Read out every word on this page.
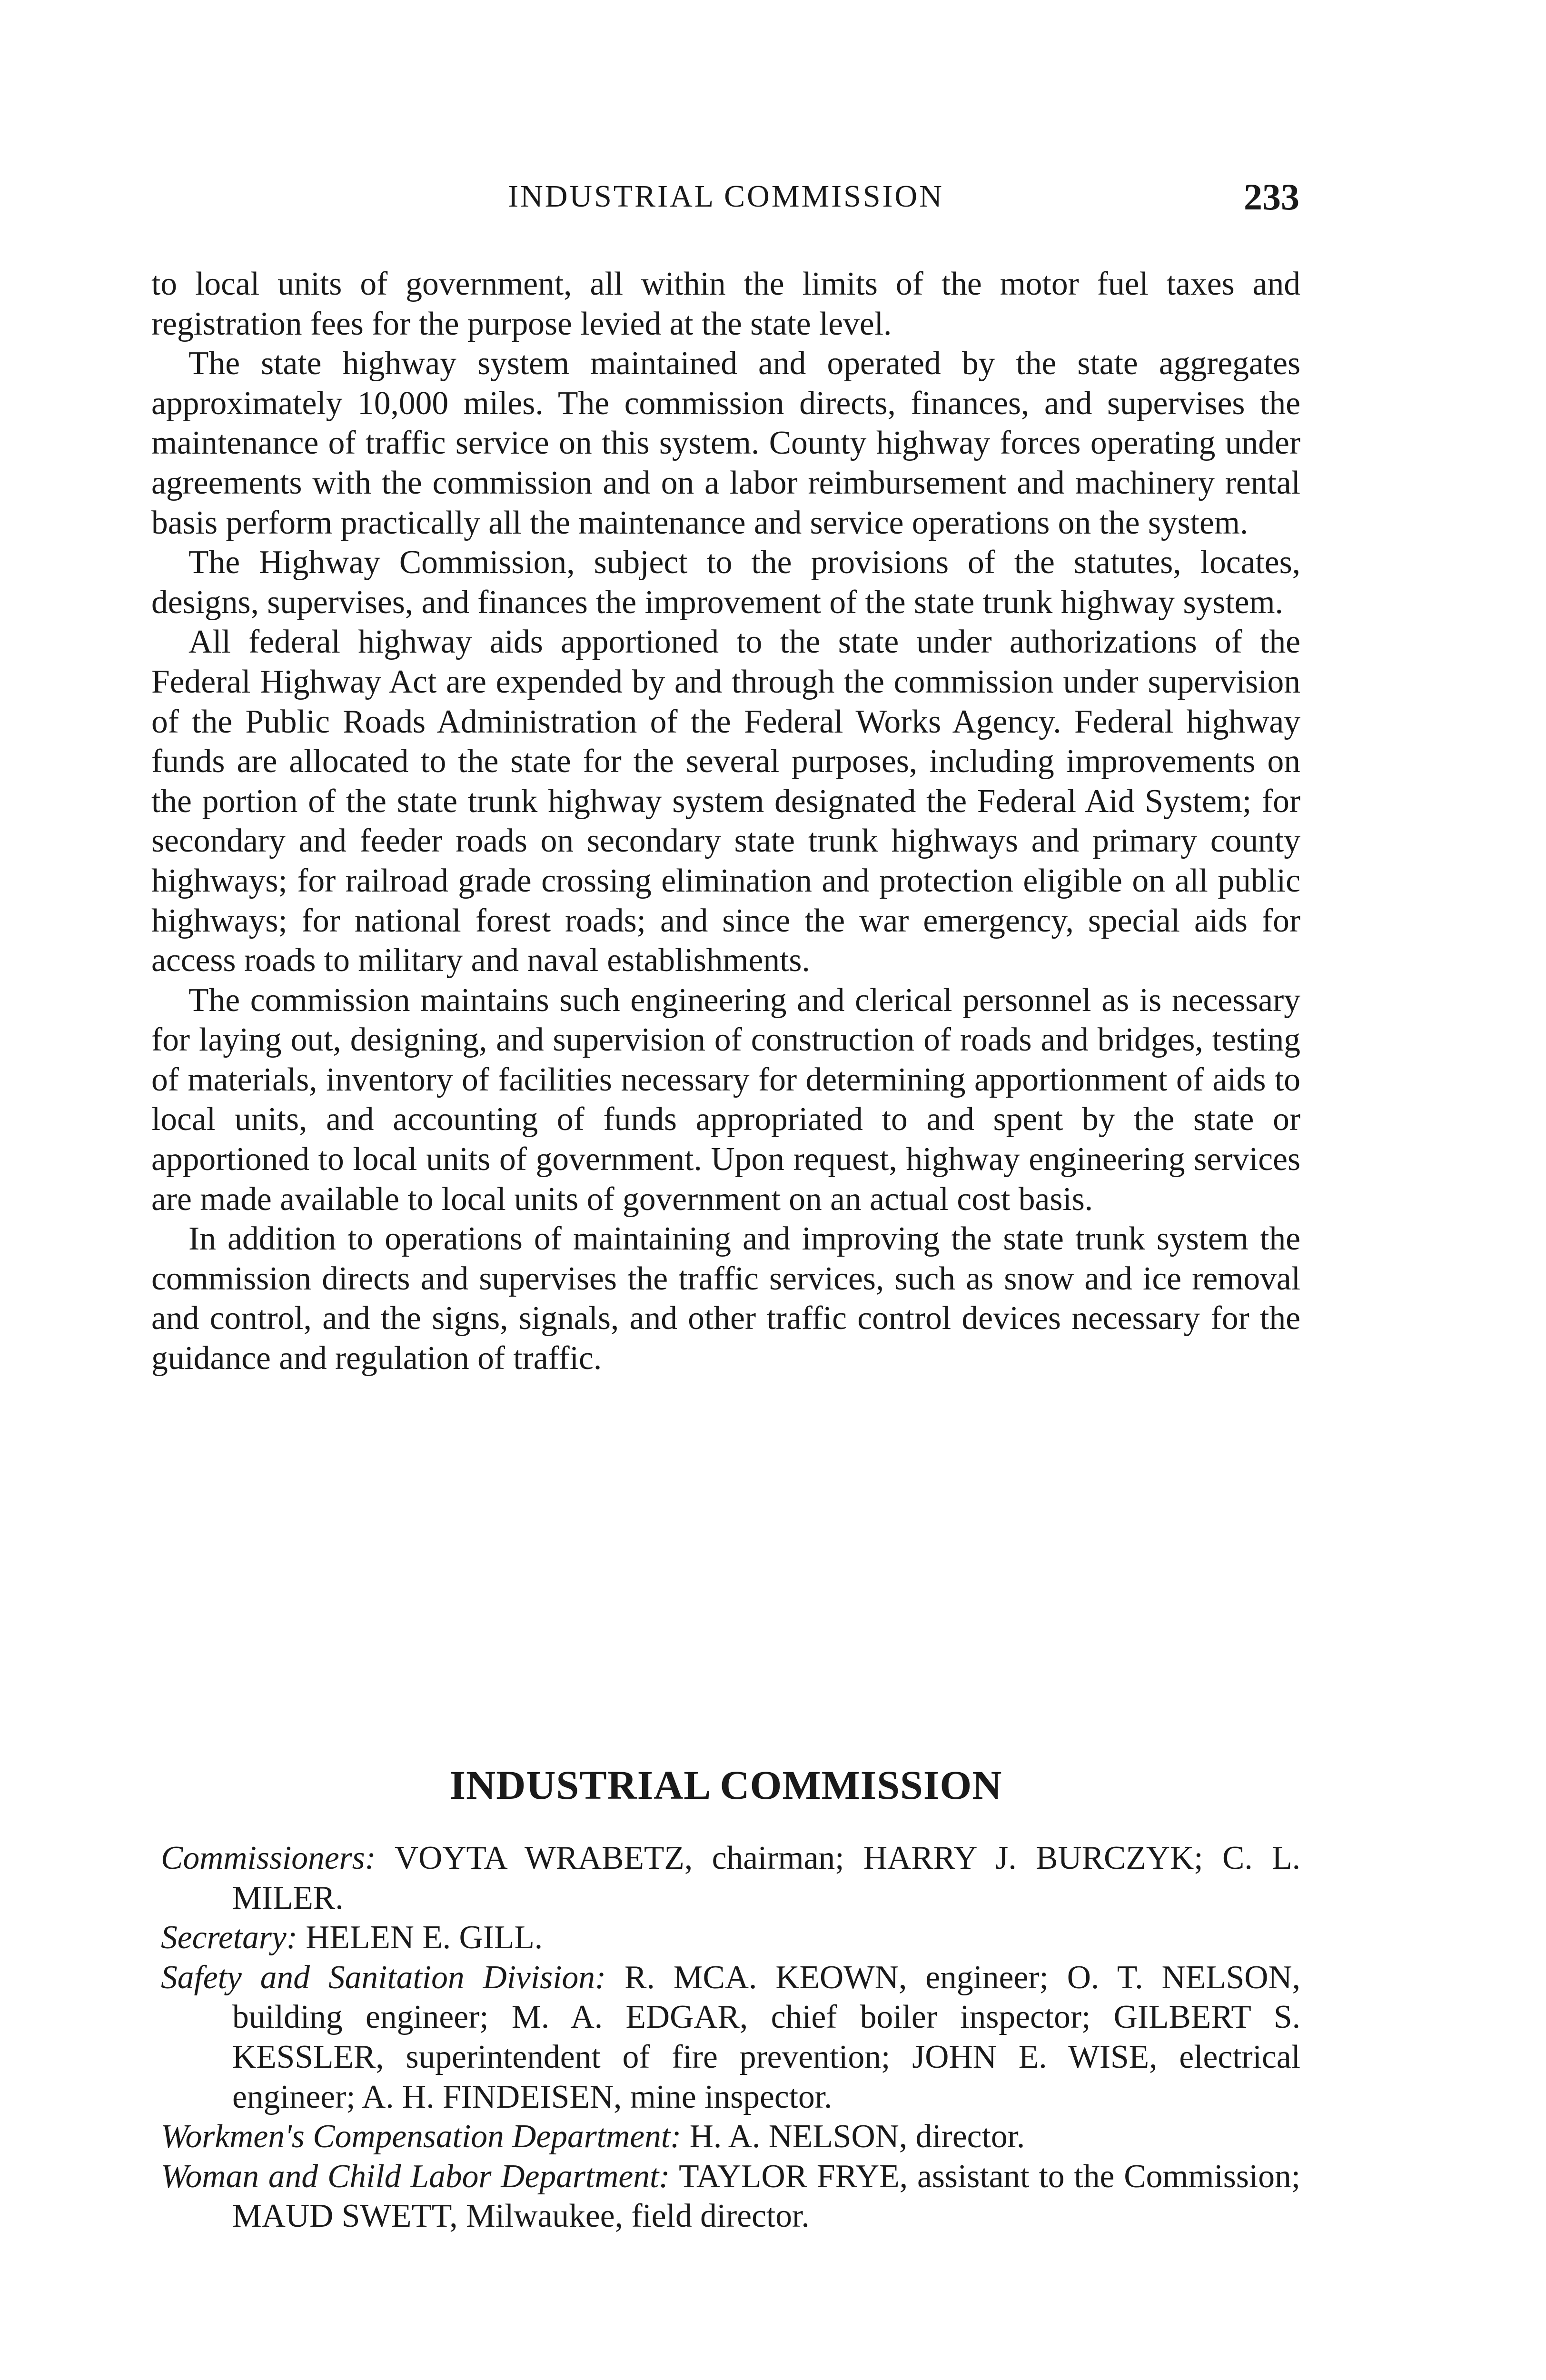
INDUSTRIAL COMMISSION	233

to local units of government, all within the limits of the motor fuel taxes and registration fees for the purpose levied at the state level.

The state highway system maintained and operated by the state aggregates approximately 10,000 miles. The commission directs, finances, and supervises the maintenance of traffic service on this system. County highway forces operating under agreements with the commission and on a labor reimbursement and machinery rental basis perform practically all the maintenance and service operations on the system.

The Highway Commission, subject to the provisions of the statutes, locates, designs, supervises, and finances the improvement of the state trunk highway system.

All federal highway aids apportioned to the state under authorizations of the Federal Highway Act are expended by and through the commission under supervision of the Public Roads Administration of the Federal Works Agency. Federal highway funds are allocated to the state for the several purposes, including improvements on the portion of the state trunk highway system designated the Federal Aid System; for secondary and feeder roads on secondary state trunk highways and primary county highways; for railroad grade crossing elimination and protection eligible on all public highways; for national forest roads; and since the war emergency, special aids for access roads to military and naval establishments.

The commission maintains such engineering and clerical personnel as is necessary for laying out, designing, and supervision of construction of roads and bridges, testing of materials, inventory of facilities necessary for determining apportionment of aids to local units, and accounting of funds appropriated to and spent by the state or apportioned to local units of government. Upon request, highway engineering services are made available to local units of government on an actual cost basis.

In addition to operations of maintaining and improving the state trunk system the commission directs and supervises the traffic services, such as snow and ice removal and control, and the signs, signals, and other traffic control devices necessary for the guidance and regulation of traffic.

INDUSTRIAL COMMISSION
Commissioners: VOYTA WRABETZ, chairman; HARRY J. BURCZYK; C. L. MILER.
Secretary: HELEN E. GILL.
Safety and Sanitation Division: R. MCA. KEOWN, engineer; O. T. NELSON, building engineer; M. A. EDGAR, chief boiler inspector; GILBERT S. KESSLER, superintendent of fire prevention; JOHN E. WISE, electrical engineer; A. H. FINDEISEN, mine inspector.
Workmen's Compensation Department: H. A. NELSON, director.
Woman and Child Labor Department: TAYLOR FRYE, assistant to the Commission; MAUD SWETT, Milwaukee, field director.
